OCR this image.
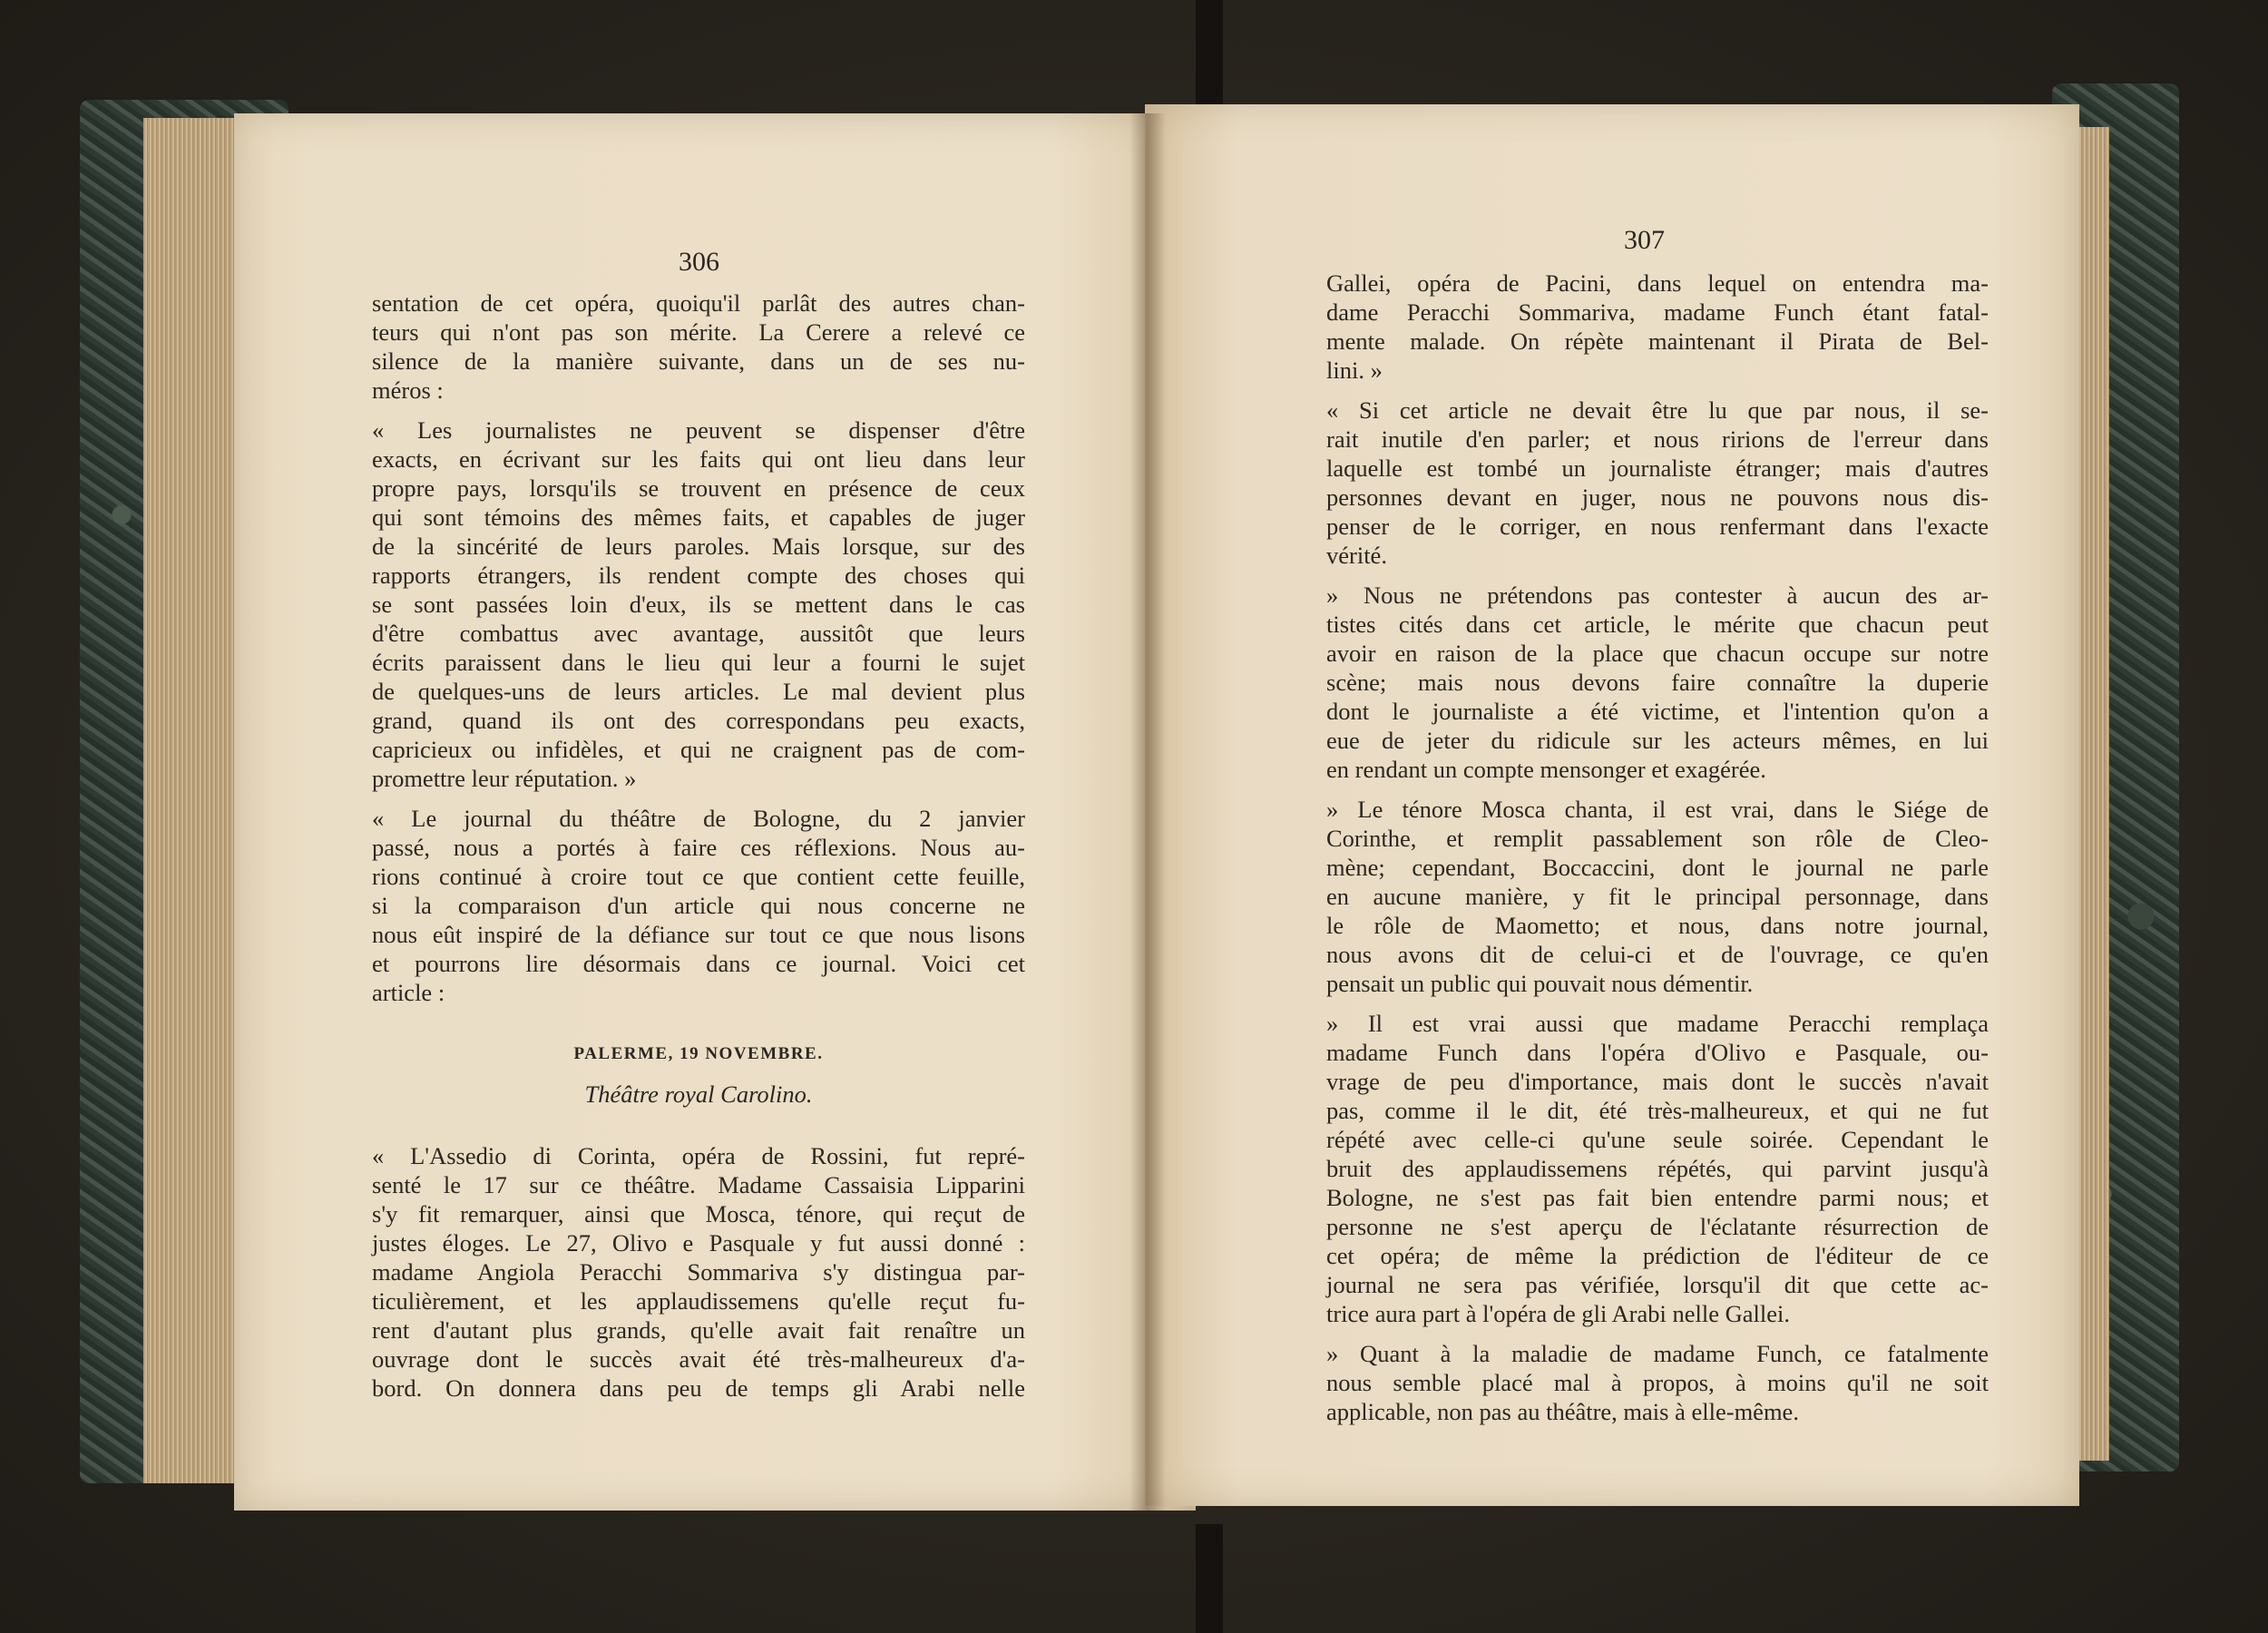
306
307
sentation de cet opéra, quoiqu'il parlât des autres chan-
teurs qui n'ont pas son mérite. La Cerere a relevé ce
silence de la manière suivante, dans un de ses nu-
méros :
« Les journalistes ne peuvent se dispenser d'être
exacts, en écrivant sur les faits qui ont lieu dans leur
propre pays, lorsqu'ils se trouvent en présence de ceux
qui sont témoins des mêmes faits, et capables de juger
de la sincérité de leurs paroles. Mais lorsque, sur des
rapports étrangers, ils rendent compte des choses qui
se sont passées loin d'eux, ils se mettent dans le cas
d'être combattus avec avantage, aussitôt que leurs
écrits paraissent dans le lieu qui leur a fourni le sujet
de quelques-uns de leurs articles. Le mal devient plus
grand, quand ils ont des correspondans peu exacts,
capricieux ou infidèles, et qui ne craignent pas de com-
promettre leur réputation. »
« Le journal du théâtre de Bologne, du 2 janvier
passé, nous a portés à faire ces réflexions. Nous au-
rions continué à croire tout ce que contient cette feuille,
si la comparaison d'un article qui nous concerne ne
nous eût inspiré de la défiance sur tout ce que nous lisons
et pourrons lire désormais dans ce journal. Voici cet
article :
PALERME, 19 NOVEMBRE.
Théâtre royal Carolino.
« L'Assedio di Corinta, opéra de Rossini, fut repré-
senté le 17 sur ce théâtre. Madame Cassaisia Lipparini
s'y fit remarquer, ainsi que Mosca, ténore, qui reçut de
justes éloges. Le 27, Olivo e Pasquale y fut aussi donné :
madame Angiola Peracchi Sommariva s'y distingua par-
ticulièrement, et les applaudissemens qu'elle reçut fu-
rent d'autant plus grands, qu'elle avait fait renaître un
ouvrage dont le succès avait été très-malheureux d'a-
bord. On donnera dans peu de temps gli Arabi nelle
Gallei, opéra de Pacini, dans lequel on entendra ma-
dame Peracchi Sommariva, madame Funch étant fatal-
mente malade. On répète maintenant il Pirata de Bel-
lini. »
« Si cet article ne devait être lu que par nous, il se-
rait inutile d'en parler; et nous ririons de l'erreur dans
laquelle est tombé un journaliste étranger; mais d'autres
personnes devant en juger, nous ne pouvons nous dis-
penser de le corriger, en nous renfermant dans l'exacte
vérité.
» Nous ne prétendons pas contester à aucun des ar-
tistes cités dans cet article, le mérite que chacun peut
avoir en raison de la place que chacun occupe sur notre
scène; mais nous devons faire connaître la duperie
dont le journaliste a été victime, et l'intention qu'on a
eue de jeter du ridicule sur les acteurs mêmes, en lui
en rendant un compte mensonger et exagérée.
» Le ténore Mosca chanta, il est vrai, dans le Siége de
Corinthe, et remplit passablement son rôle de Cleo-
mène; cependant, Boccaccini, dont le journal ne parle
en aucune manière, y fit le principal personnage, dans
le rôle de Maometto; et nous, dans notre journal,
nous avons dit de celui-ci et de l'ouvrage, ce qu'en
pensait un public qui pouvait nous démentir.
» Il est vrai aussi que madame Peracchi remplaça
madame Funch dans l'opéra d'Olivo e Pasquale, ou-
vrage de peu d'importance, mais dont le succès n'avait
pas, comme il le dit, été très-malheureux, et qui ne fut
répété avec celle-ci qu'une seule soirée. Cependant le
bruit des applaudissemens répétés, qui parvint jusqu'à
Bologne, ne s'est pas fait bien entendre parmi nous; et
personne ne s'est aperçu de l'éclatante résurrection de
cet opéra; de même la prédiction de l'éditeur de ce
journal ne sera pas vérifiée, lorsqu'il dit que cette ac-
trice aura part à l'opéra de gli Arabi nelle Gallei.
» Quant à la maladie de madame Funch, ce fatalmente
nous semble placé mal à propos, à moins qu'il ne soit
applicable, non pas au théâtre, mais à elle-même.
